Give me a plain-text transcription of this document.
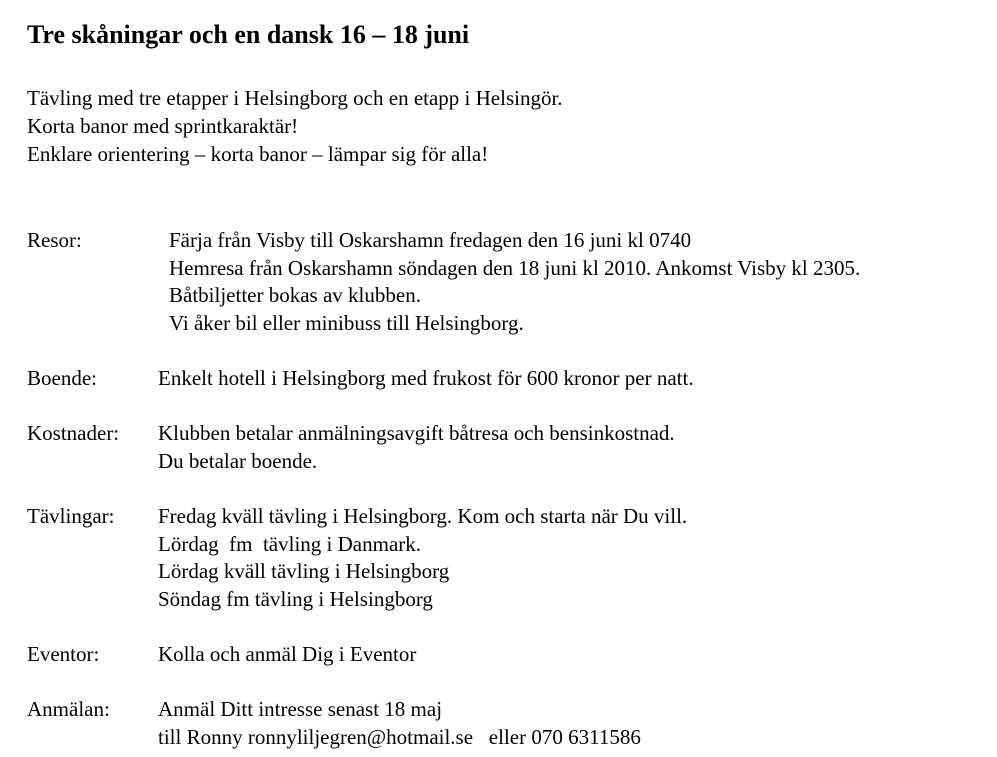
Tre skåningar och en dansk 16 – 18 juni
Tävling med tre etapper i Helsingborg och en etapp i Helsingör.
Korta banor med sprintkaraktär!
Enklare orientering – korta banor – lämpar sig för alla!
Resor:	Färja från Visby till Oskarshamn fredagen den 16 juni kl 0740
Hemresa från Oskarshamn söndagen den 18 juni kl 2010. Ankomst Visby kl 2305.
Båtbiljetter bokas av klubben.
Vi åker bil eller minibuss till Helsingborg.
Boende:	Enkelt hotell i Helsingborg med frukost för 600 kronor per natt.
Kostnader: Klubben betalar anmälningsavgift båtresa och bensinkostnad.
Du betalar boende.
Tävlingar: Fredag kväll tävling i Helsingborg. Kom och starta när Du vill.
Lördag  fm  tävling i Danmark.
Lördag kväll tävling i Helsingborg
Söndag fm tävling i Helsingborg
Eventor:	Kolla och anmäl Dig i Eventor
Anmälan: Anmäl Ditt intresse senast 18 maj
till Ronny ronnyliljegren@hotmail.se   eller 070 6311586
